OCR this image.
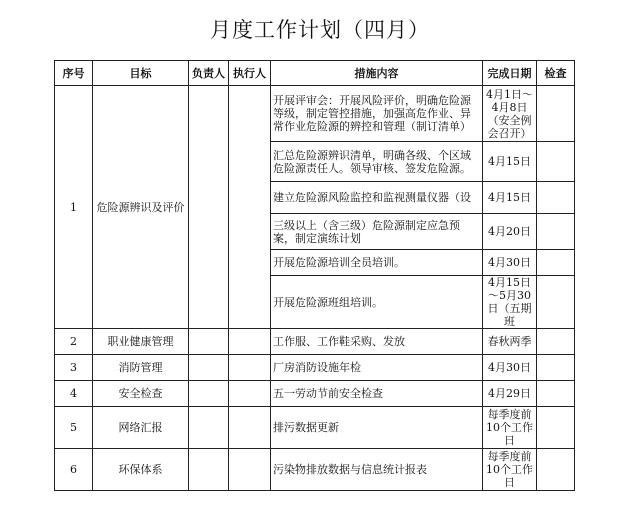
月度工作计划（四月）
序号	目标	负责人	执行人	措施内容	完成日期	检查
1	危险源辨识及评价			开展评审会：开展风险评价，明确危险源等级，制定管控措施，加强高危作业、异常作业危险源的辨控和管理（制订清单）	4月1日～4月8日（安全例会召开）	
				汇总危险源辨识清单，明确各级、个区域危险源责任人。领导审核、签发危险源。	4月15日	
				建立危险源风险监控和监视测量仪器（设	4月15日	
				三级以上（含三级）危险源制定应急预案，制定演练计划	4月20日	
				开展危险源培训全员培训。	4月30日	
				开展危险源班组培训。	4月15日～5月30日（五期班	
2	职业健康管理			工作服、工作鞋采购、发放	春秋两季	
3	消防管理			厂房消防设施年检	4月30日	
4	安全检查			五一劳动节前安全检查	4月29日	
5	网络汇报			排污数据更新	每季度前10个工作日	
6	环保体系			污染物排放数据与信息统计报表	每季度前10个工作日	
